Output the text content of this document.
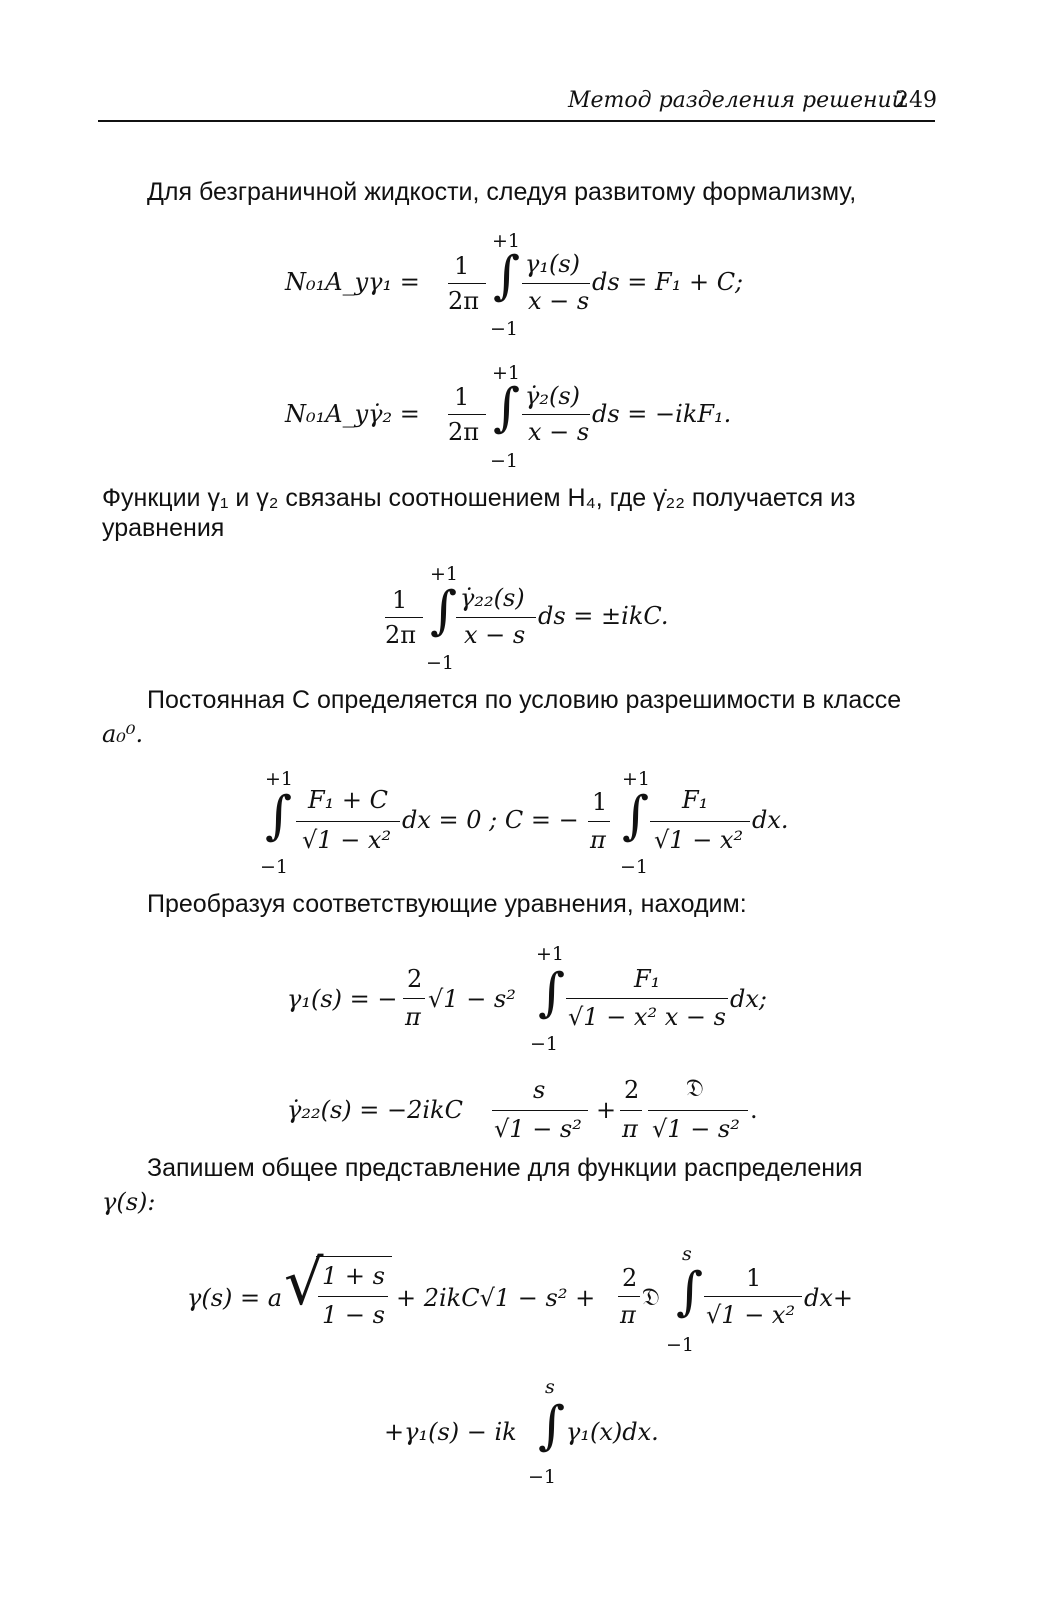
Метод разделения решений
249
Для безграничной жидкости, следуя развитому формализму,
N₀₁A_yγ₁ =
1
2π
+1
∫
−1
γ₁(s)
x − s
ds = F₁ + C;
N₀₁A_yγ̇₂ =
1
2π
+1
∫
−1
γ̇₂(s)
x − s
ds = −ikF₁.
Функции γ₁ и γ₂ связаны соотношением H₄, где γ̇₂₂ получается из
уравнения
1
2π
+1
∫
−1
γ̇₂₂(s)
x − s
ds = ±ikC.
Постоянная C определяется по условию разрешимости в классе
a₀⁰.
+1
∫
−1
F₁ + C
√1 − x²
dx = 0 ; C = −
1
π
+1
∫
−1
F₁
√1 − x²
dx.
Преобразуя соответствующие уравнения, находим:
γ₁(s) = −
2
π
√1 − s²
+1
∫
−1
F₁
√1 − x² x − s
dx;
γ̇₂₂(s) = −2ikC
s
√1 − s²
+
2
π
𝔇
√1 − s²
.
Запишем общее представление для функции распределения
γ(s):
γ(s) = a √
1 + s
1 − s
+ 2ikC√1 − s² +
2
π
𝔇
s
∫
−1
1
√1 − x²
dx+
+γ₁(s) − ik
s
∫
−1
γ₁(x)dx.
